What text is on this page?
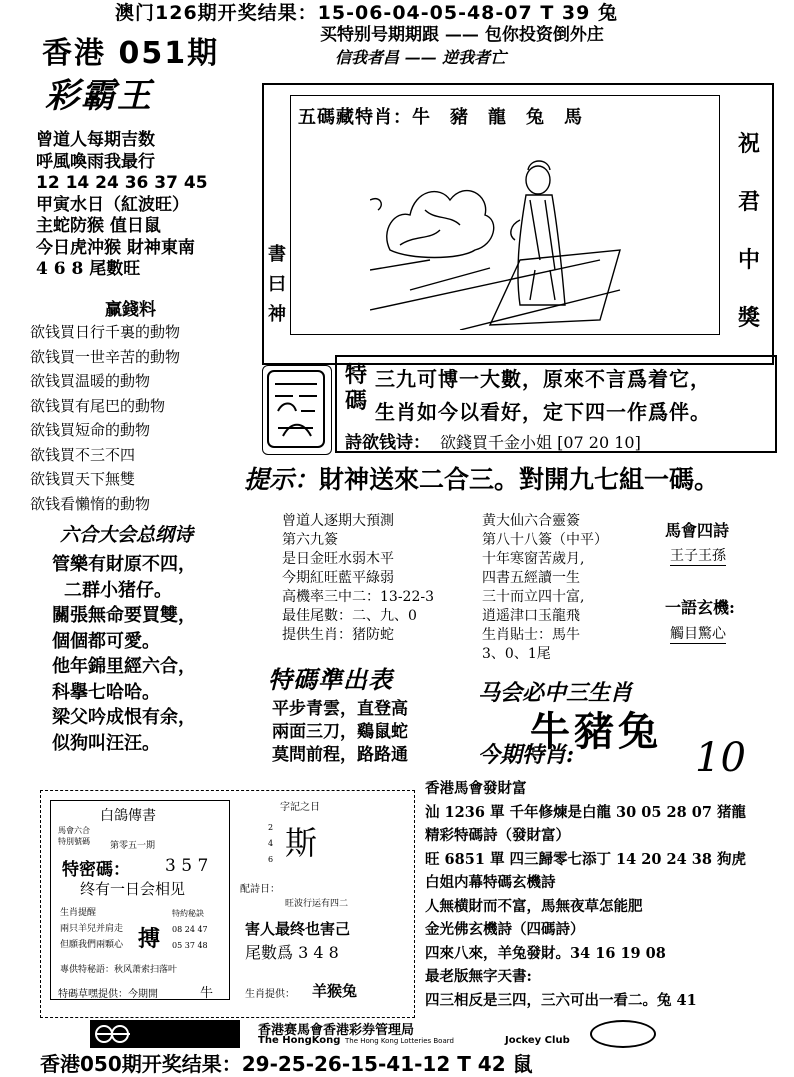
澳门126期开奖结果：15-06-04-05-48-07 T 39 兔
香港 051期
彩霸王
买特别号期期跟 —— 包你投资倒外庄
信我者昌 —— 逆我者亡

曾道人每期吉数

呼風喚雨我最行

12 14 24 36 37 45

甲寅水日（紅波旺）

主蛇防猴 值日鼠

今日虎沖猴 財神東南

4 6 8 尾數旺

赢錢料

欲钱買日行千裏的動物

欲钱買一世辛苦的動物

欲钱買温暖的動物

欲钱買有尾巴的動物

欲钱買短命的動物

欲钱買不三不四

欲钱買天下無雙

欲钱看懶惰的動物

五碼藏特肖：牛　豬　龍　兔　馬
祝君中獎
書曰神
特碼
三九可博一大數，原來不言爲着它，
生肖如今以看好，定下四一作爲伴。
詩欲钱诗： 欲錢買千金小姐 [07 20 10]
提示：財神送來二合三。對開九七組一碼。
六合大会总纲诗

管樂有財原不四，

二群小猪仔。

關張無命要買雙，

個個都可愛。

他年錦里經六合，

科擧七哈哈。

梁父吟成恨有余，

似狗叫汪汪。

曾道人逐期大預測

第六九簽

是日金旺水弱木平

今期紅旺藍平綠弱

高機率三中二：13-22-3

最佳尾數：二、九、0

提供生肖：猪防蛇

黄大仙六合靈簽

第八十八簽（中平）

十年寒窗苦歲月,

四書五經讀一生

三十而立四十富,

逍遥津口玉龍飛

生肖貼士：馬牛

3、0、1尾

馬會四詩
王子王孫
一語玄機:
觸目驚心
特碼準出表

平步青雲，直登高

兩面三刀，鷄鼠蛇

莫問前程，路路通

马会必中三生肖
牛豬兔
今期特肖:	10

香港馬會發財富

汕 1236 單 千年修煉是白龍 30 05 28 07 猪龍

精彩特碼詩（發財富）

旺 6851 單 四三歸零七添丁 14 20 24 38 狗虎

白姐内幕特碼玄機詩

人無横財而不富，馬無夜草怎能肥

金光佛玄機詩（四碼詩）

四來八來，羊兔發財。34 16 19 08

最老版無字天書:

四三相反是三四，三六可出一看二。兔 41

白鴿傳書
馬會六合
特別號碼 第零五一期
特密碼： 3 5 7
终有一日会相见
生肖提醒
兩只羊兒并肩走
但願我們兩顆心 搏
特約秘訣
08 24 47
05 37 48
專供特秘語：秋风萧索扫落叶
特碼草嘿提供：今期開	牛
字記之日
斯
2
4
6
配詩日：
旺波行运有四二
害人最终也害己
尾數爲 3 4 8
生肖提供： 羊猴兔
香港赛馬會香港彩券管理局
The HongKong The Hong Kong Lotteries Board	Jockey Club
香港050期开奖结果：29-25-26-15-41-12 T 42 鼠
